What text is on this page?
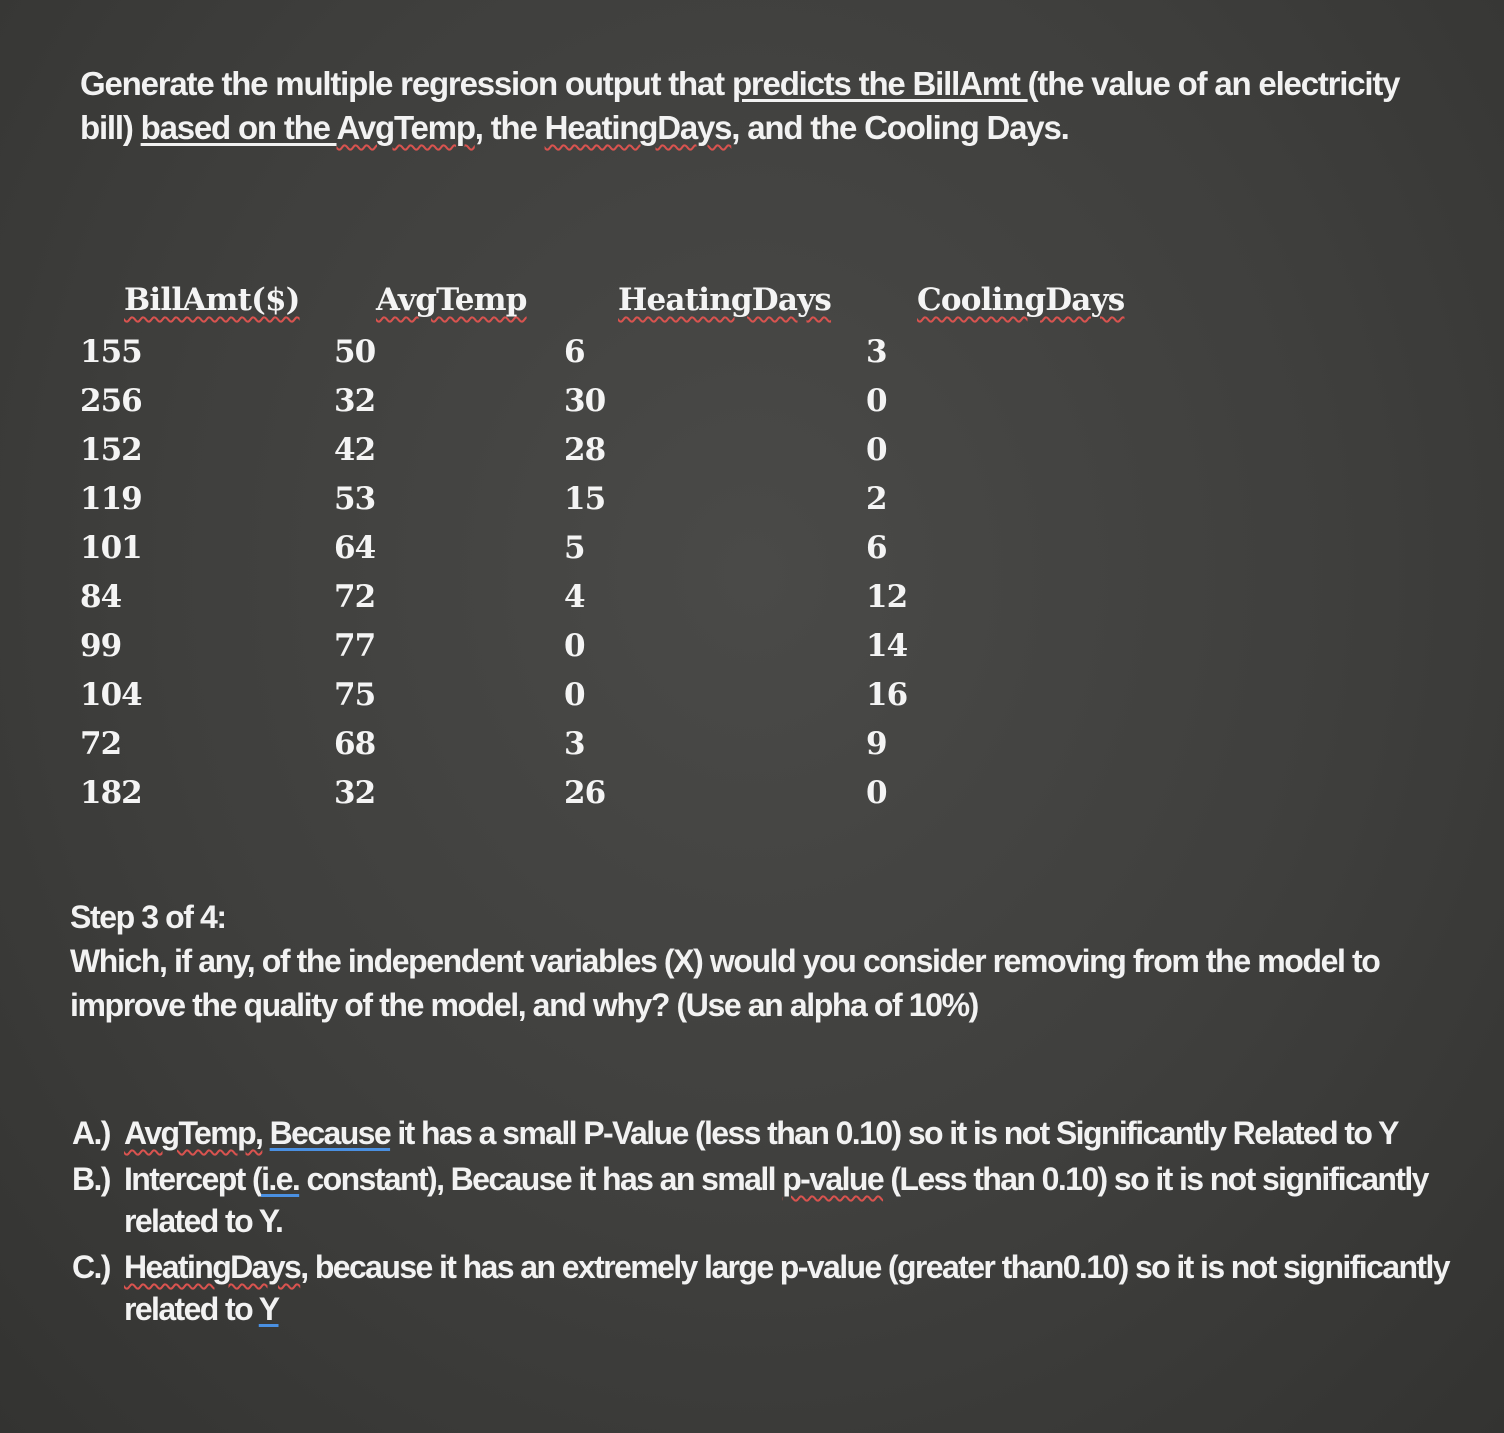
Generate the multiple regression output that predicts the BillAmt (the value of an electricity bill) based on the AvgTemp, the HeatingDays, and the Cooling Days.
BillAmt($) AvgTemp	HeatingDays	CoolingDays
155
256
152
119
101
84
99
104
72
182
50
32
42
53
64
72
77
75
68
32
6
30
28
15
5
4
0
0
3
26
3
0
0
2
6
12
14
16
9
0
Step 3 of 4:
Which, if any, of the independent variables (X) would you consider removing from the model to improve the quality of the model, and why? (Use an alpha of 10%)
A.) AvgTemp, Because it has a small P-Value (less than 0.10) so it is not Significantly Related to Y
B.) Intercept (i.e. constant), Because it has an small p-value (Less than 0.10) so it is not significantly related to Y.
C.) HeatingDays, because it has an extremely large p-value (greater than0.10) so it is not significantly related to Y
